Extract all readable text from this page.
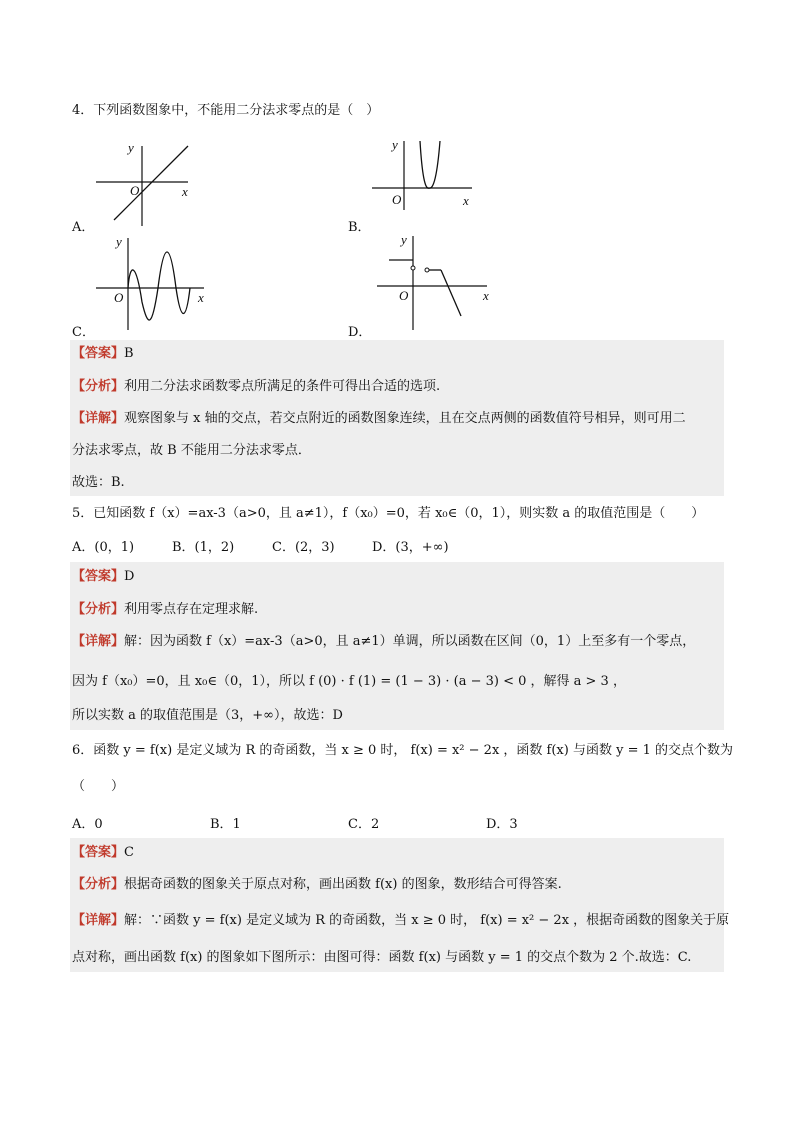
4．下列函数图象中，不能用二分法求零点的是（　）
y
x
O
A．
y
x
O
B．
y
x
O
C．
y
x
O
D．
【答案】B
【分析】利用二分法求函数零点所满足的条件可得出合适的选项.
【详解】观察图象与 x 轴的交点，若交点附近的函数图象连续，且在交点两侧的函数值符号相异，则可用二
分法求零点，故 B 不能用二分法求零点．
故选：B.
5．已知函数 f（x）=ax-3（a>0，且 a≠1），f（x₀）=0，若 x₀∈（0，1），则实数 a 的取值范围是（　　）
A．(0，1)	B．(1，2)	C．(2，3)	D．(3，+∞)
【答案】D
【分析】利用零点存在定理求解.
【详解】解：因为函数 f（x）=ax-3（a>0，且 a≠1）单调，所以函数在区间（0，1）上至多有一个零点，
因为 f（x₀）=0，且 x₀∈（0，1），所以 f (0) · f (1) = (1 − 3) · (a − 3) < 0 ，解得 a > 3 ，
所以实数 a 的取值范围是（3，+∞），故选：D
6．函数 y = f(x) 是定义域为 R 的奇函数，当 x ≥ 0 时， f(x) = x² − 2x ，函数 f(x) 与函数 y = 1 的交点个数为
（　　）
A．0	B．1	C．2	D．3
【答案】C
【分析】根据奇函数的图象关于原点对称，画出函数 f(x) 的图象，数形结合可得答案.
【详解】解：∵函数 y = f(x) 是定义域为 R 的奇函数，当 x ≥ 0 时， f(x) = x² − 2x ，根据奇函数的图象关于原
点对称，画出函数 f(x) 的图象如下图所示：由图可得：函数 f(x) 与函数 y = 1 的交点个数为 2 个.故选：C.
